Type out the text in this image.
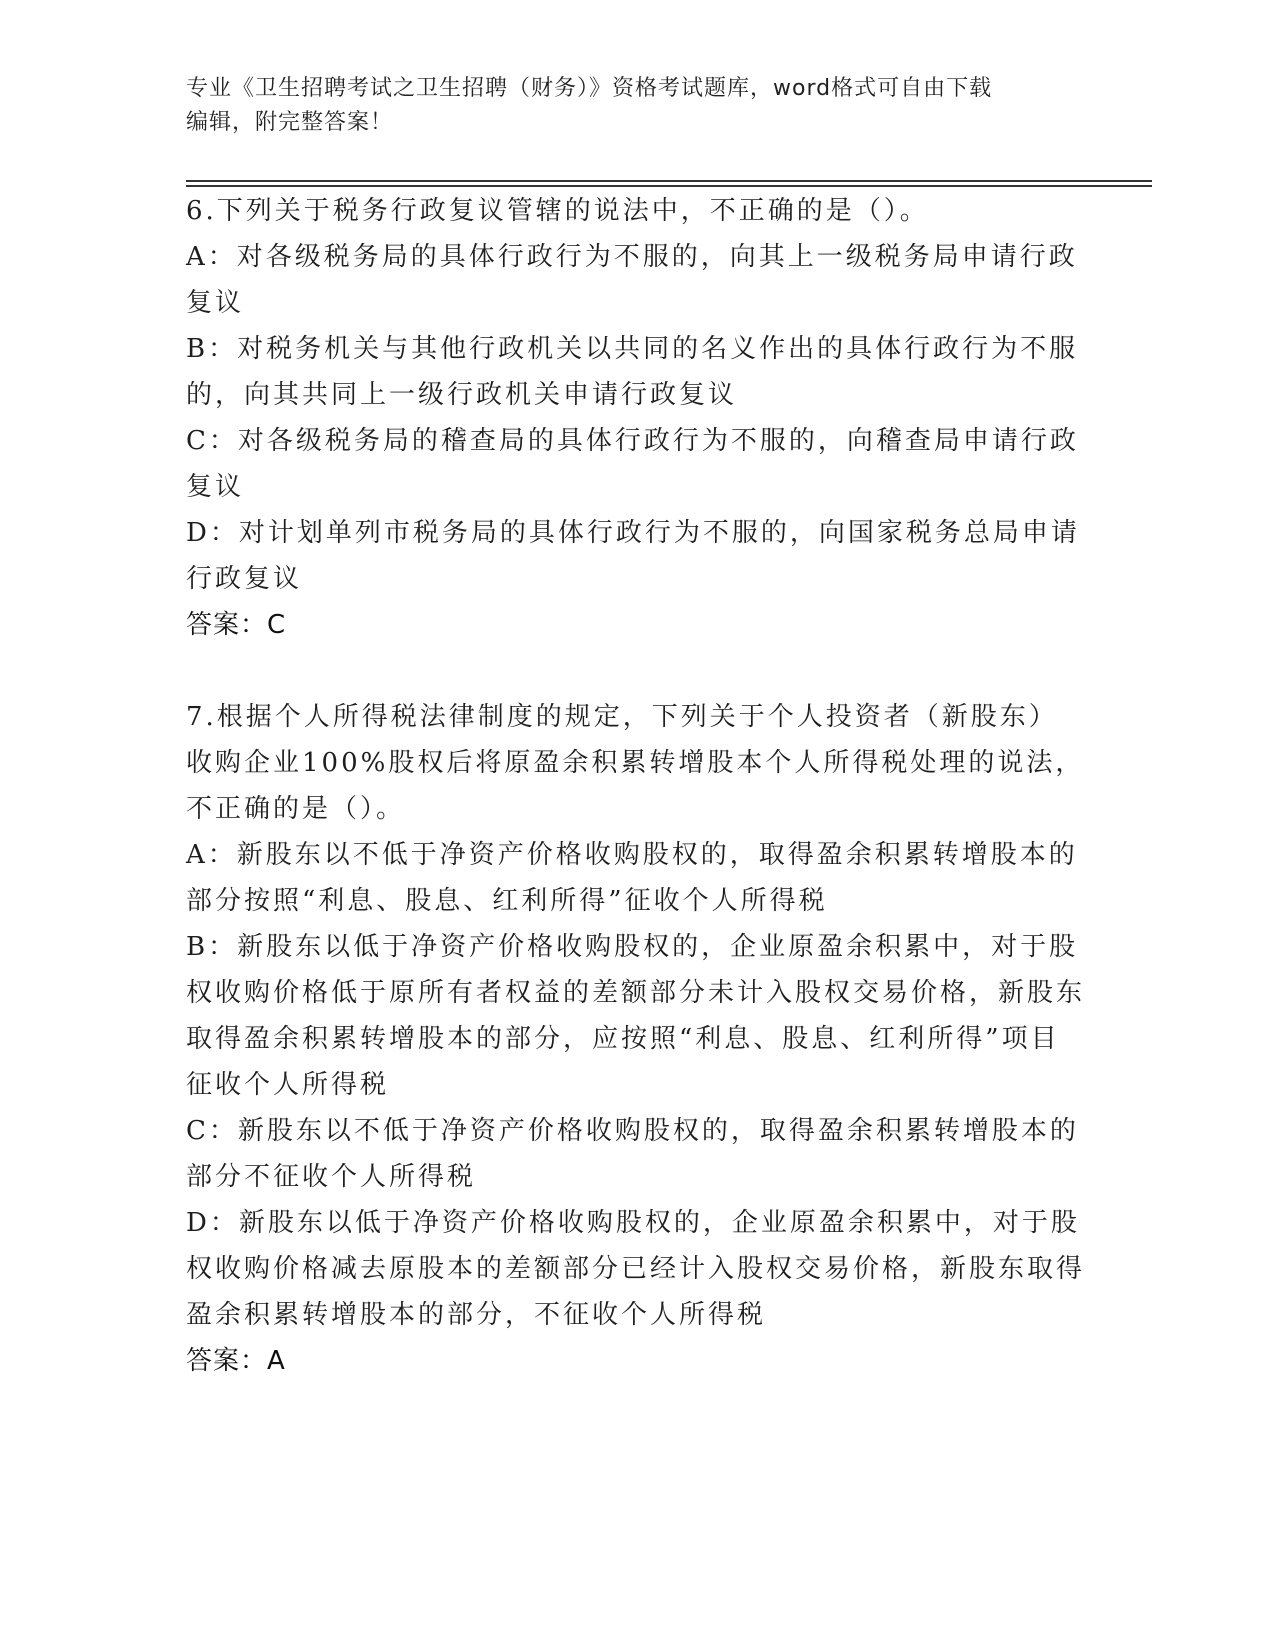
专业《卫生招聘考试之卫生招聘（财务）》资格考试题库，word格式可自由下载
编辑，附完整答案！

6.下列关于税务行政复议管辖的说法中，不正确的是（）。

A：对各级税务局的具体行政行为不服的，向其上一级税务局申请行政复议

B：对税务机关与其他行政机关以共同的名义作出的具体行政行为不服的，向其共同上一级行政机关申请行政复议

C：对各级税务局的稽查局的具体行政行为不服的，向稽查局申请行政复议

D：对计划单列市税务局的具体行政行为不服的，向国家税务总局申请行政复议

答案：C

7.根据个人所得税法律制度的规定，下列关于个人投资者（新股东）收购企业100%股权后将原盈余积累转增股本个人所得税处理的说法，不正确的是（）。

A：新股东以不低于净资产价格收购股权的，取得盈余积累转增股本的部分按照“利息、股息、红利所得”征收个人所得税

B：新股东以低于净资产价格收购股权的，企业原盈余积累中，对于股权收购价格低于原所有者权益的差额部分未计入股权交易价格，新股东取得盈余积累转增股本的部分，应按照“利息、股息、红利所得”项目征收个人所得税

C：新股东以不低于净资产价格收购股权的，取得盈余积累转增股本的部分不征收个人所得税

D：新股东以低于净资产价格收购股权的，企业原盈余积累中，对于股权收购价格减去原股本的差额部分已经计入股权交易价格，新股东取得盈余积累转增股本的部分，不征收个人所得税

答案：A
